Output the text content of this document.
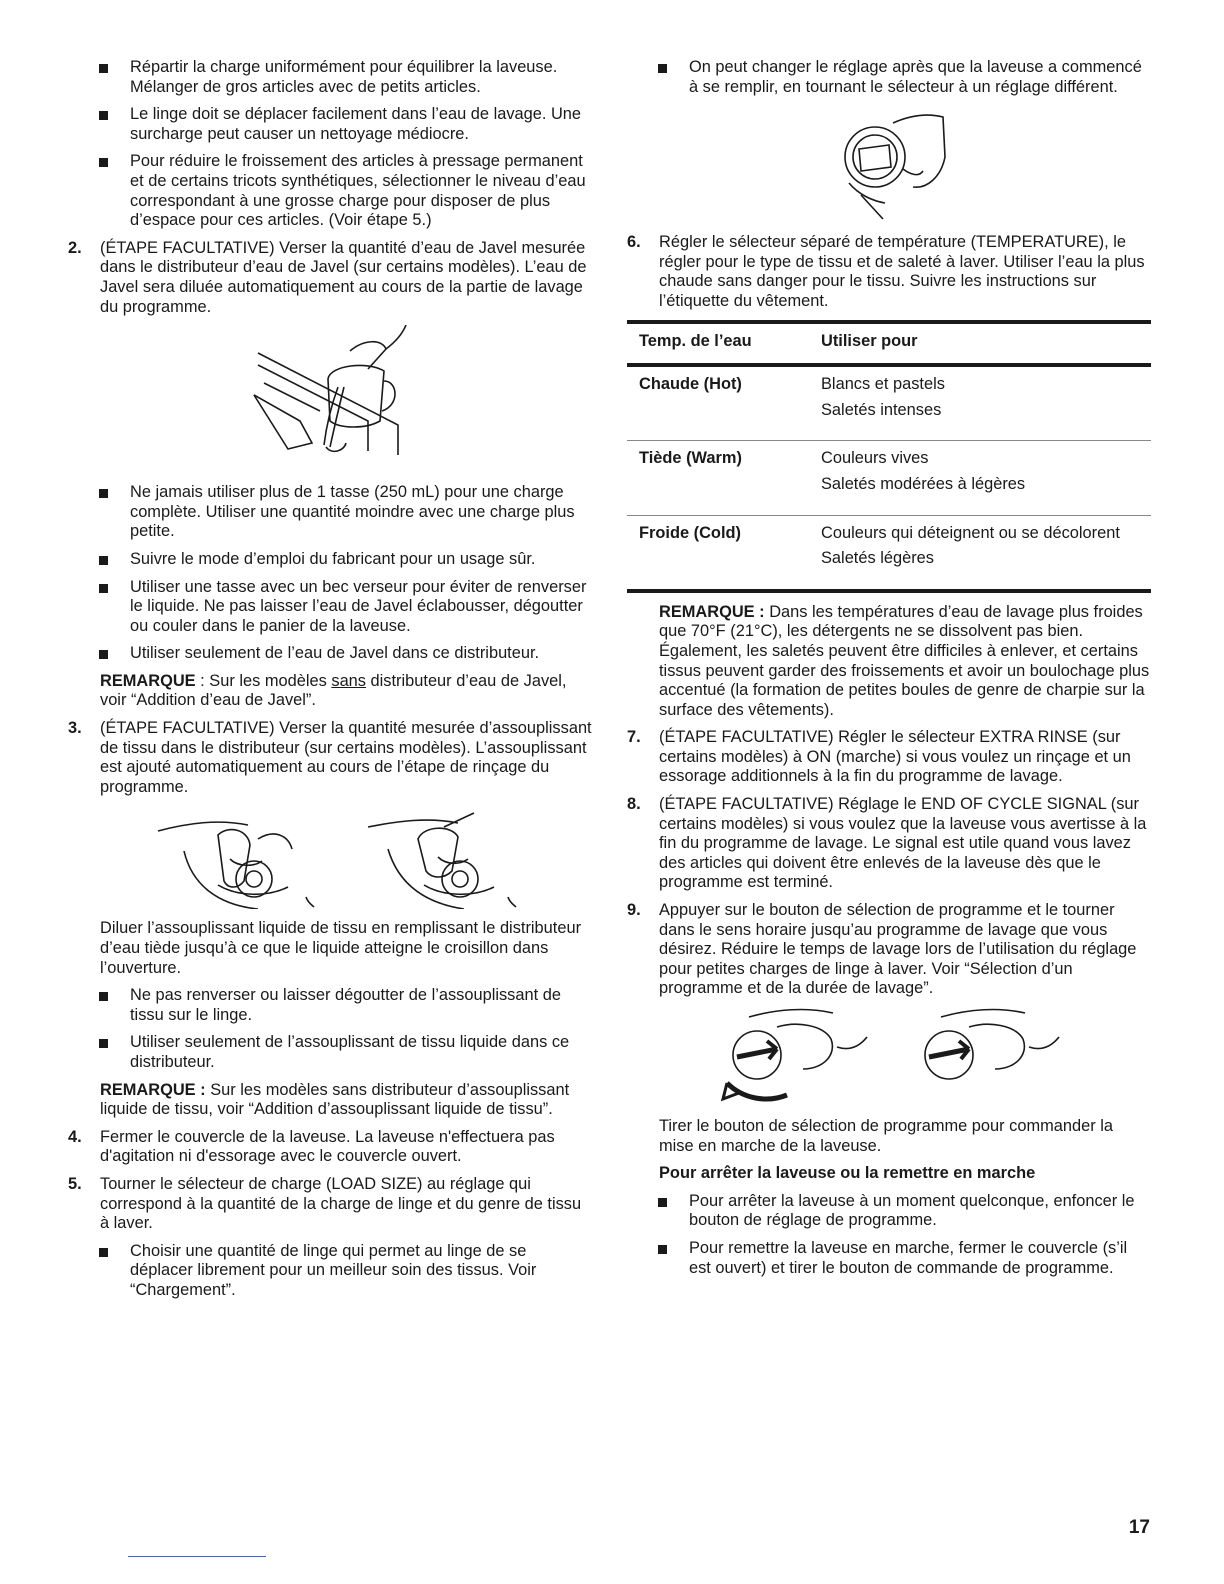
Répartir la charge uniformément pour équilibrer la laveuse. Mélanger de gros articles avec de petits articles.
Le linge doit se déplacer facilement dans l’eau de lavage. Une surcharge peut causer un nettoyage médiocre.
Pour réduire le froissement des articles à pressage permanent et de certains tricots synthétiques, sélectionner le niveau d’eau correspondant à une grosse charge pour disposer de plus d’espace pour ces articles. (Voir étape 5.)
2. (ÉTAPE FACULTATIVE) Verser la quantité d’eau de Javel mesurée dans le distributeur d’eau de Javel (sur certains modèles). L’eau de Javel sera diluée automatiquement au cours de la partie de lavage du programme.
Ne jamais utiliser plus de 1 tasse (250 mL) pour une charge complète. Utiliser une quantité moindre avec une charge plus petite.
Suivre le mode d’emploi du fabricant pour un usage sûr.
Utiliser une tasse avec un bec verseur pour éviter de renverser le liquide. Ne pas laisser l’eau de Javel éclabousser, dégoutter ou couler dans le panier de la laveuse.
Utiliser seulement de l’eau de Javel dans ce distributeur.
REMARQUE : Sur les modèles sans distributeur d’eau de Javel, voir “Addition d’eau de Javel”.
3. (ÉTAPE FACULTATIVE) Verser la quantité mesurée d’assouplissant de tissu dans le distributeur (sur certains modèles). L’assouplissant est ajouté automatiquement au cours de l’étape de rinçage du programme.
Diluer l’assouplissant liquide de tissu en remplissant le distributeur d’eau tiède jusqu’à ce que le liquide atteigne le croisillon dans l’ouverture.
Ne pas renverser ou laisser dégoutter de l’assouplissant de tissu sur le linge.
Utiliser seulement de l’assouplissant de tissu liquide dans ce distributeur.
REMARQUE : Sur les modèles sans distributeur d’assouplissant liquide de tissu, voir “Addition d’assouplissant liquide de tissu”.
4. Fermer le couvercle de la laveuse. La laveuse n'effectuera pas d'agitation ni d'essorage avec le couvercle ouvert.
5. Tourner le sélecteur de charge (LOAD SIZE) au réglage qui correspond à la quantité de la charge de linge et du genre de tissu à laver.
Choisir une quantité de linge qui permet au linge de se déplacer librement pour un meilleur soin des tissus. Voir “Chargement”.
On peut changer le réglage après que la laveuse a commencé à se remplir, en tournant le sélecteur à un réglage différent.
6. Régler le sélecteur séparé de température (TEMPERATURE), le régler pour le type de tissu et de saleté à laver. Utiliser l’eau la plus chaude sans danger pour le tissu. Suivre les instructions sur l’étiquette du vêtement.
Temp. de l’eau	Utiliser pour
Chaude (Hot)	Blancs et pastels
Saletés intenses

Tiède (Warm)	Couleurs vives
Saletés modérées à légères

Froide (Cold)	Couleurs qui déteignent ou se décolorent
Saletés légères
REMARQUE : Dans les températures d’eau de lavage plus froides que 70°F (21°C), les détergents ne se dissolvent pas bien. Également, les saletés peuvent être difficiles à enlever, et certains tissus peuvent garder des froissements et avoir un boulochage plus accentué (la formation de petites boules de genre de charpie sur la surface des vêtements).
7. (ÉTAPE FACULTATIVE) Régler le sélecteur EXTRA RINSE (sur certains modèles) à ON (marche) si vous voulez un rinçage et un essorage additionnels à la fin du programme de lavage.
8. (ÉTAPE FACULTATIVE) Réglage le END OF CYCLE SIGNAL (sur certains modèles) si vous voulez que la laveuse vous avertisse à la fin du programme de lavage. Le signal est utile quand vous lavez des articles qui doivent être enlevés de la laveuse dès que le programme est terminé.
9. Appuyer sur le bouton de sélection de programme et le tourner dans le sens horaire jusqu’au programme de lavage que vous désirez. Réduire le temps de lavage lors de l’utilisation du réglage pour petites charges de linge à laver. Voir “Sélection d’un programme et de la durée de lavage”.
Tirer le bouton de sélection de programme pour commander la mise en marche de la laveuse.
Pour arrêter la laveuse ou la remettre en marche
Pour arrêter la laveuse à un moment quelconque, enfoncer le bouton de réglage de programme.
Pour remettre la laveuse en marche, fermer le couvercle (s’il est ouvert) et tirer le bouton de commande de programme.
17
